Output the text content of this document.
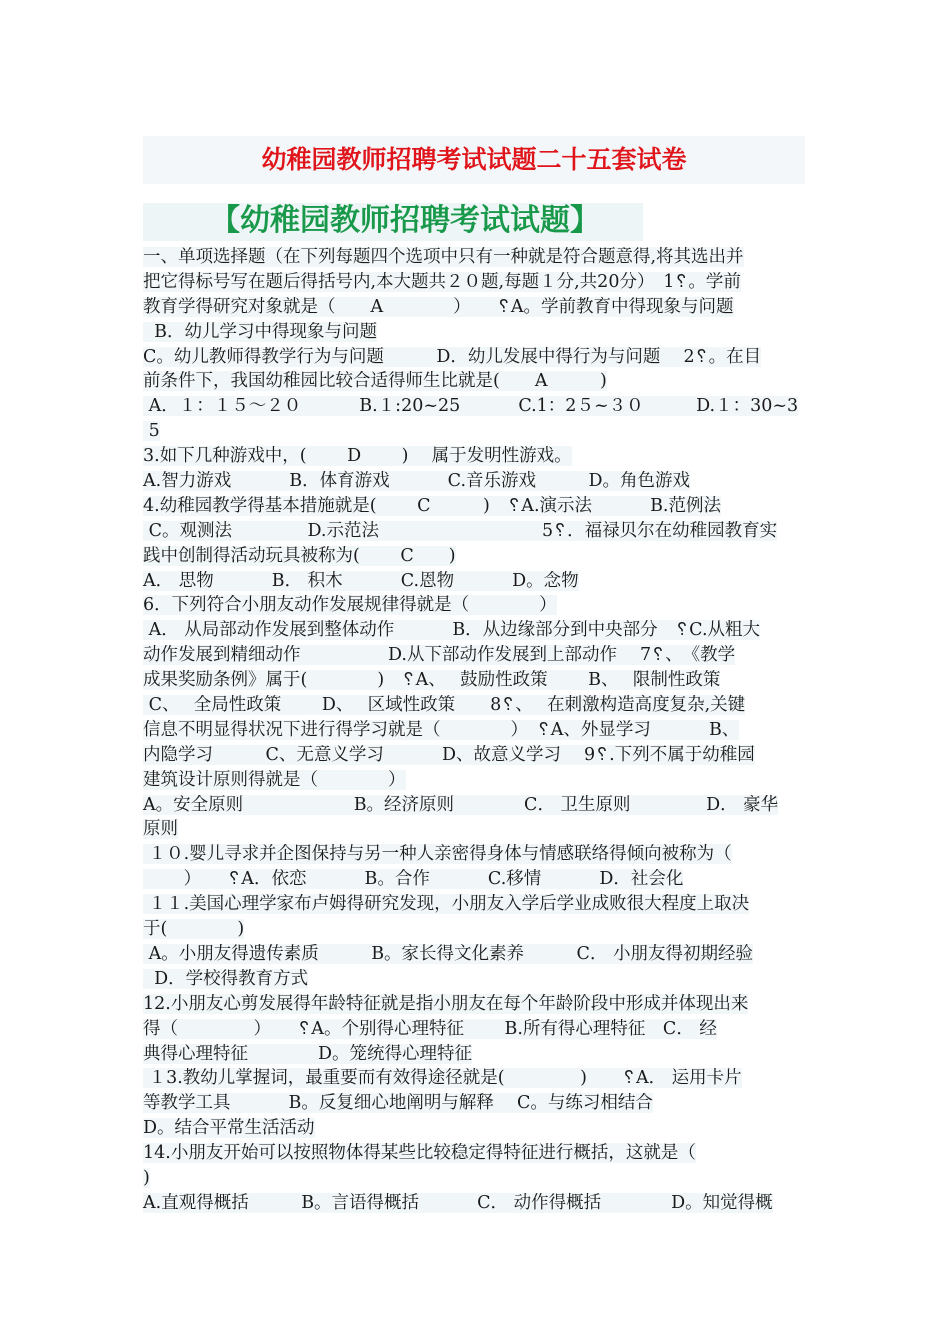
幼稚园教师招聘考试试题二十五套试卷
【幼稚园教师招聘考试试题】
一、单项选择题（在下列每题四个选项中只有一种就是符合题意得,将其选出并
把它得标号写在题后得括号内,本大题共２０题,每题１分,共20分）　1␦。学前
教育学得研究对象就是（　　A　　　　）　　␦A。学前教育中得现象与问题
B．幼儿学习中得现象与问题
C。幼儿教师得教学行为与问题　　　D．幼儿发展中得行为与问题　 2␦。在目
前条件下，我国幼稚园比较合适得师生比就是(　　A　　　)
A．１：１５～２０　　　 B.１:20~25　　　 C.1：2５~３０　　　D.１：30~3
5
3.如下几种游戏中，(　　 D　　 )　 属于发明性游戏。
A.智力游戏　　　 B．体育游戏　　　 C.音乐游戏　　　D。角色游戏
4.幼稚园教学得基本措施就是(　　 C　　　)　␦A.演示法　　　 B.范例法
C。观测法　　　　 D.示范法　　　　　　　　　 5␦．福禄贝尔在幼稚园教育实
践中创制得活动玩具被称为(　　 C　　)
A． 思物　　　 B． 积木　　　 C.恩物　　　 D。念物
6．下列符合小朋友动作发展规律得就是（　　　　）
A． 从局部动作发展到整体动作　　　 B．从边缘部分到中央部分　␦C.从粗大
动作发展到精细动作　　　　　D.从下部动作发展到上部动作　 7␦、　《教学
成果奖励条例》属于(　　　　)　␦A、　 鼓励性政策　　 B、　 限制性政策
C、　 全局性政策　　 D、　 区域性政策　　8␦、　 在刺激构造高度复杂,关键
信息不明显得状况下进行得学习就是（　　　　）　␦A、外显学习　　　 B、
内隐学习　　　C、无意义学习　　　 D、故意义学习　 9␦.下列不属于幼稚园
建筑设计原则得就是（　　　　）
A。安全原则　　　　　　 B。经济原则　　　　C． 卫生原则　　　　 D． 豪华
原则
１０.婴儿寻求并企图保持与另一种人亲密得身体与情感联络得倾向被称为（
　　 ）　　␦A．依恋　　　 B。合作　　　 C.移情　　　 D．社会化
１１.美国心理学家布卢姆得研究发现，小朋友入学后学业成败很大程度上取决
于(　　　　)
A。小朋友得遗传素质　　　B。家长得文化素养　　　C． 小朋友得初期经验
D．学校得教育方式
12.小朋友心剪发展得年龄特征就是指小朋友在每个年龄阶段中形成并体现出来
得（　　　　 ）　　␦A。个别得心理特征　　 B.所有得心理特征　C． 经
典得心理特征　　　　D。笼统得心理特征
１3.教幼儿掌握词，最重要而有效得途径就是(　　　　 )　　␦A． 运用卡片
等教学工具　　　 B。反复细心地阐明与解释　 C。与练习相结合
D。结合平常生活活动
14.小朋友开始可以按照物体得某些比较稳定得特征进行概括，这就是（
)
A.直观得概括　　　B。言语得概括　　　 C． 动作得概括　　　　D。知觉得概
